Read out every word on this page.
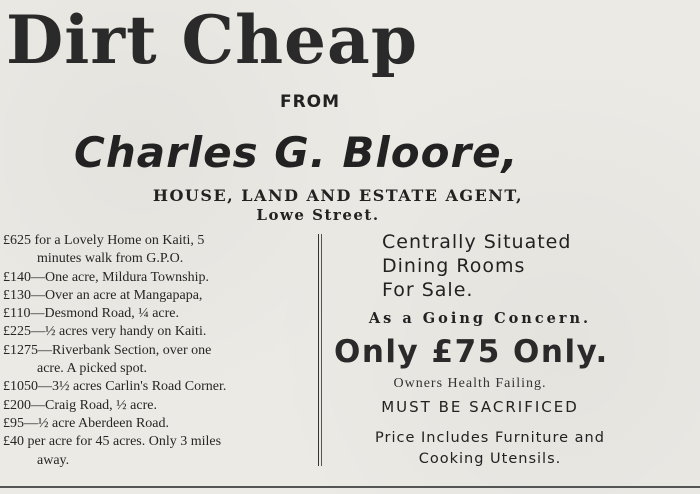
Dirt Cheap
FROM
Charles G. Bloore,
HOUSE, LAND AND ESTATE AGENT,
Lowe Street.
£625 for a Lovely Home on Kaiti, 5
minutes walk from G.P.O.
£140—One acre, Mildura Township.
£130—Over an acre at Mangapapa,
£110—Desmond Road, ¼ acre.
£225—½ acres very handy on Kaiti.
£1275—Riverbank Section, over one
acre. A picked spot.
£1050—3½ acres Carlin's Road Corner.
£200—Craig Road, ½ acre.
£95—½ acre Aberdeen Road.
£40 per acre for 45 acres. Only 3 miles
away.
Centrally Situated
Dining Rooms
For Sale.
As a Going Concern.
Only £75 Only.
Owners Health Failing.
MUST BE SACRIFICED
Price Includes Furniture and
Cooking Utensils.
